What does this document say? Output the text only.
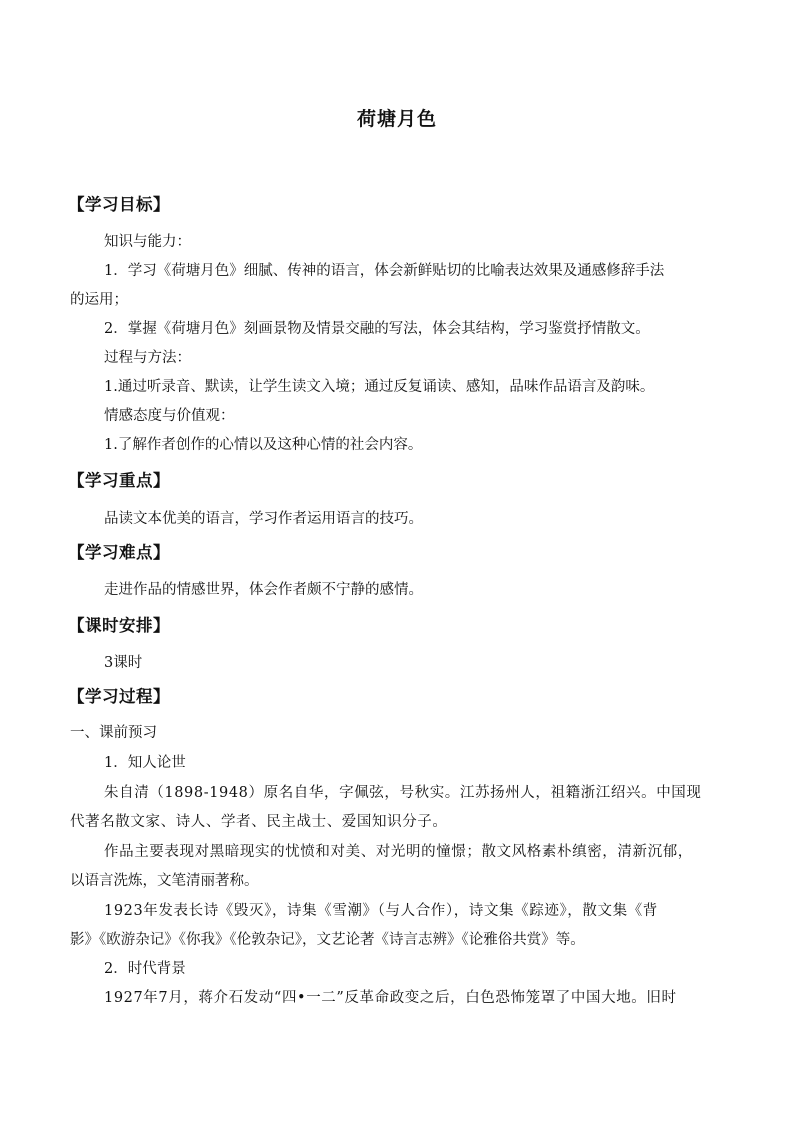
荷塘月色
【学习目标】
知识与能力：
1．学习《荷塘月色》细腻、传神的语言，体会新鲜贴切的比喻表达效果及通感修辞手法
的运用；
2．掌握《荷塘月色》刻画景物及情景交融的写法，体会其结构，学习鉴赏抒情散文。
过程与方法：
1.通过听录音、默读，让学生读文入境；通过反复诵读、感知，品味作品语言及韵味。
情感态度与价值观：
1.了解作者创作的心情以及这种心情的社会内容。
【学习重点】
品读文本优美的语言，学习作者运用语言的技巧。
【学习难点】
走进作品的情感世界，体会作者颇不宁静的感情。
【课时安排】
3课时
【学习过程】
一、课前预习
1．知人论世
朱自清（1898-1948）原名自华，字佩弦，号秋实。江苏扬州人，祖籍浙江绍兴。中国现
代著名散文家、诗人、学者、民主战士、爱国知识分子。
作品主要表现对黑暗现实的忧愤和对美、对光明的憧憬；散文风格素朴缜密，清新沉郁，
以语言洗炼，文笔清丽著称。
1923年发表长诗《毁灭》，诗集《雪潮》（与人合作），诗文集《踪迹》，散文集《背
影》《欧游杂记》《你我》《伦敦杂记》，文艺论著《诗言志辨》《论雅俗共赏》等。
2．时代背景
1927年7月，蒋介石发动“四•一二”反革命政变之后，白色恐怖笼罩了中国大地。旧时
